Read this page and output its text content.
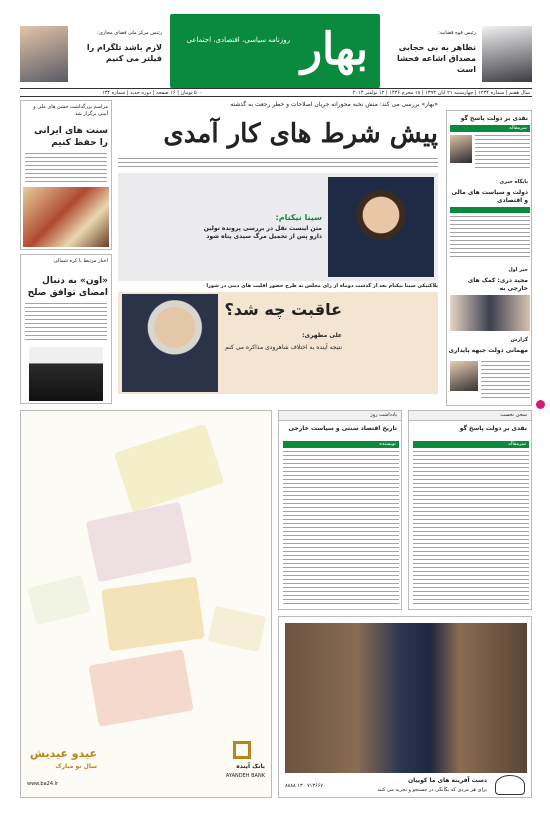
روزنامه سیاسی، اقتصادی، اجتماعی بهار
رئیس مرکز ملی فضای مجازی:
لازم باشد تلگرام را فیلتر می کنیم
رئیس قوه قضاییه:
تظاهر به بی حجابی مصداق اشاعه فحشا است
سال هفتم | شماره ۱۲۳۴ | چهارشنبه ۲۱ آبان ۱۳۹۳ | ۱۸ محرم ۱۴۳۶ | ۱۲ نوامبر ۲۰۱۴
۵۰۰ تومان | ۱۶ صفحه | دوره جدید | شماره ۱۳۴
مراسم بزرگداشت جشن های ملی و آیینی برگزار شد
سنت های ایرانی را حفظ کنیم
اخبار مرتبط با کره شمالی
«اون» به دنبال امضای توافق صلح
«بهار» بررسی می کند: منش نخبه محورانه جریان اصلاحات و خطر رجعت به گذشته
پیش شرط های کار آمدی
سینا نیکنام:
متن اینست نقل در بررسی پرونده تولین دارو پس از تحمیل مرگ سیدی پناه شود
پلاکنیکی سینا نیکنام بعد از گذشت دوماه از رای مجلس به طرح حضور اقلیت های دینی در شورا
عاقبت چه شد؟
علی مطهری:
نتیجه آینده به اختلاف شاهرودی مذاکره می کنم
نقدی بر دولت پاسخ گو
سرمقاله
پایگاه خبری
دولت و سیاست های مالی و اقتصادی
خبر اول
مجید دری: کمک های خارجی به
گزارش
مهمانی دولت جبهه پایداری
عیدو عیدیش
سال نو مبارک	بانک آینده
AYANDEH BANK
www.ba24.ir
یادداشت روز
تاریخ اقتصاد سنتی و سیاست خارجی
نویسنده
سخن نخست
نقدی بر دولت پاسخ گو
سرمقاله
دست آفرینه های ما کوییان
برای هر مردی که یگانگی در جستجو و تجربه می کنند
۸۸۸۸ ۱۳۰ ۷۱۳۶۶۷۰
